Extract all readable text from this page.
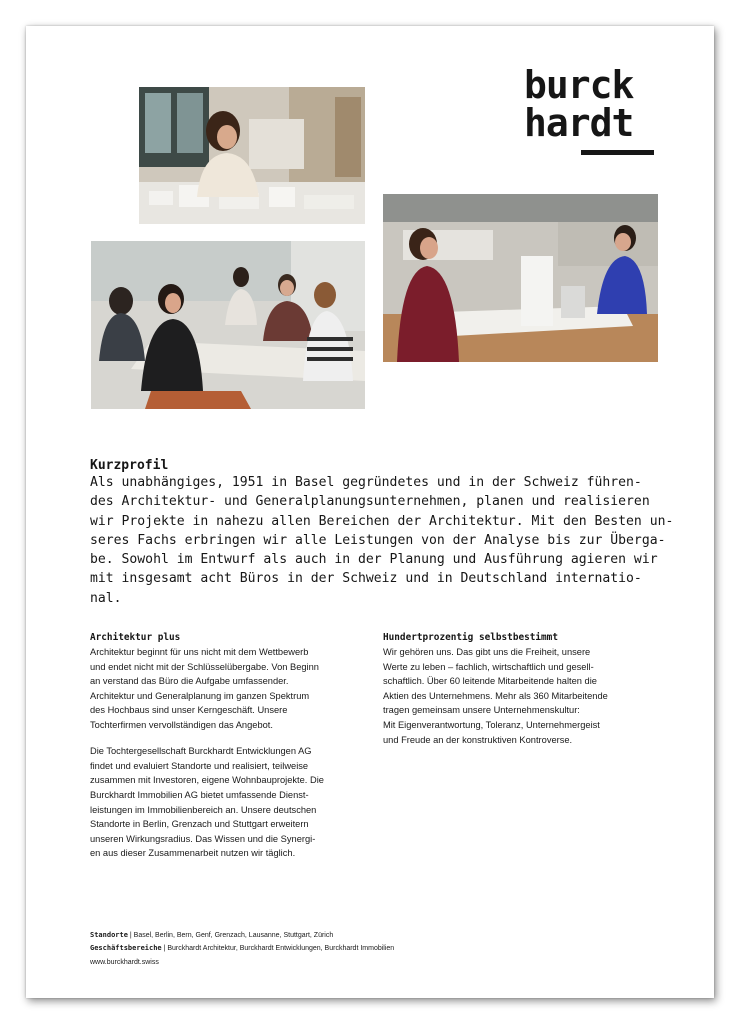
burck
hardt
Kurzprofil

Als unabhängiges, 1951 in Basel gegründetes und in der Schweiz führen-
des Architektur- und Generalplanungsunternehmen, planen und realisieren
wir Projekte in nahezu allen Bereichen der Architektur. Mit den Besten un-
seres Fachs erbringen wir alle Leistungen von der Analyse bis zur Überga-
be. Sowohl im Entwurf als auch in der Planung und Ausführung agieren wir
mit insgesamt acht Büros in der Schweiz und in Deutschland internatio-
nal.

Architektur plus

Architektur beginnt für uns nicht mit dem Wettbewerb
und endet nicht mit der Schlüsselübergabe. Von Beginn
an verstand das Büro die Aufgabe umfassender.
Architektur und Generalplanung im ganzen Spektrum
des Hochbaus sind unser Kerngeschäft. Unsere
Tochterfirmen vervollständigen das Angebot.

Die Tochtergesellschaft Burckhardt Entwicklungen AG
findet und evaluiert Standorte und realisiert, teilweise
zusammen mit Investoren, eigene Wohnbauprojekte. Die
Burckhardt Immobilien AG bietet umfassende Dienst-
leistungen im Immobilienbereich an. Unsere deutschen
Standorte in Berlin, Grenzach und Stuttgart erweitern
unseren Wirkungsradius. Das Wissen und die Synergi-
en aus dieser Zusammenarbeit nutzen wir täglich.

Hundertprozentig selbstbestimmt

Wir gehören uns. Das gibt uns die Freiheit, unsere
Werte zu leben – fachlich, wirtschaftlich und gesell-
schaftlich. Über 60 leitende Mitarbeitende halten die
Aktien des Unternehmens. Mehr als 360 Mitarbeitende
tragen gemeinsam unsere Unternehmenskultur:
Mit Eigenverantwortung, Toleranz, Unternehmergeist
und Freude an der konstruktiven Kontroverse.

Standorte | Basel, Berlin, Bern, Genf, Grenzach, Lausanne, Stuttgart, Zürich
Geschäftsbereiche | Burckhardt Architektur, Burckhardt Entwicklungen, Burckhardt Immobilien
www.burckhardt.swiss
